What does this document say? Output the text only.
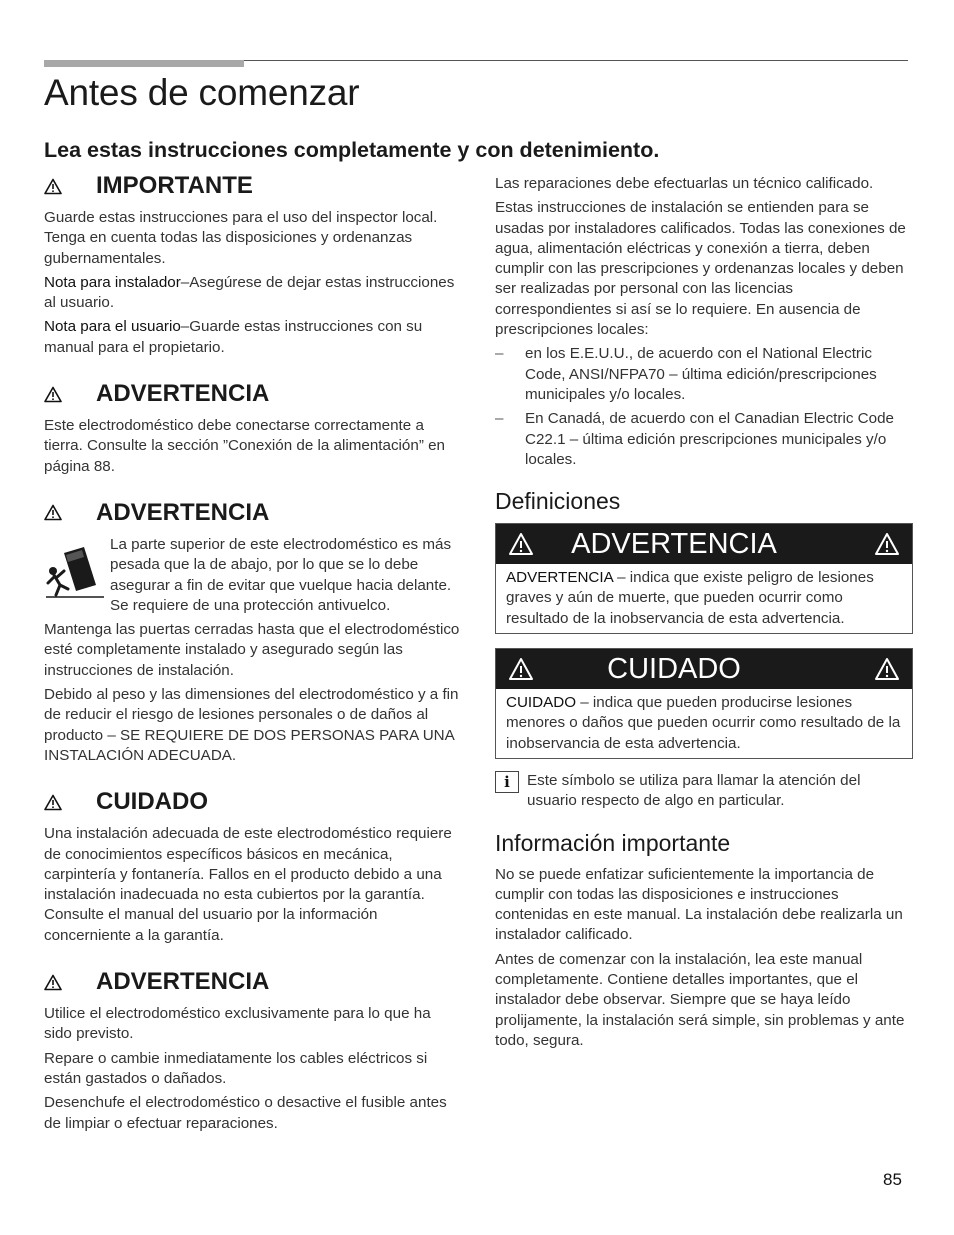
Antes de comenzar
Lea estas instrucciones completamente y con detenimiento.
IMPORTANTE

Guarde estas instrucciones para el uso del inspector local. Tenga en cuenta todas las disposiciones y ordenanzas gubernamentales.

Nota para instalador–Asegúrese de dejar estas instrucciones al usuario.

Nota para el usuario–Guarde estas instrucciones con su manual para el propietario.

ADVERTENCIA

Este electrodoméstico debe conectarse correctamente a tierra. Consulte la sección ”Conexión de la alimentación” en página 88.

ADVERTENCIA

La parte superior de este electrodoméstico es más pesada que la de abajo, por lo que se lo debe asegurar a fin de evitar que vuelque hacia delante. Se requiere de una protección antivuelco.

Mantenga las puertas cerradas hasta que el electrodoméstico esté completamente instalado y asegurado según las instrucciones de instalación.

Debido al peso y las dimensiones del electrodoméstico y a fin de reducir el riesgo de lesiones personales o de daños al producto – SE REQUIERE DE DOS PERSONAS PARA UNA INSTALACIÓN ADECUADA.

CUIDADO

Una instalación adecuada de este electrodoméstico requiere de conocimientos específicos básicos en mecánica, carpintería y fontanería. Fallos en el producto debido a una instalación inadecuada no esta cubiertos por la garantía. Consulte el manual del usuario por la información concerniente a la garantía.

ADVERTENCIA

Utilice el electrodoméstico exclusivamente para lo que ha sido previsto.

Repare o cambie inmediatamente los cables eléctricos si están gastados o dañados.

Desenchufe el electrodoméstico o desactive el fusible antes de limpiar o efectuar reparaciones.

Las reparaciones debe efectuarlas un técnico calificado.

Estas instrucciones de instalación se entienden para se usadas por instaladores calificados. Todas las conexiones de agua, alimentación eléctricas y conexión a tierra, deben cumplir con las prescripciones y ordenanzas locales y deben ser realizadas por personal con las licencias correspondientes si así se lo requiere. En ausencia de prescripciones locales:

– en los E.E.U.U., de acuerdo con el National Electric Code, ANSI/NFPA70 – última edición/prescripciones municipales y/o locales.
– En Canadá, de acuerdo con el Canadian Electric Code C22.1 – última edición prescripciones municipales y/o locales.
Definiciones
ADVERTENCIA

ADVERTENCIA – indica que existe peligro de lesiones graves y aún de muerte, que pueden ocurrir como resultado de la inobservancia de esta advertencia.

CUIDADO

CUIDADO – indica que pueden producirse lesiones menores o daños que pueden ocurrir como resultado de la inobservancia de esta advertencia.

i	Este símbolo se utiliza para llamar la atención del usuario respecto de algo en particular.

Información importante

No se puede enfatizar suficientemente la importancia de cumplir con todas las disposiciones e instrucciones contenidas en este manual. La instalación debe realizarla un instalador calificado.

Antes de comenzar con la instalación, lea este manual completamente. Contiene detalles importantes, que el instalador debe observar. Siempre que se haya leído prolijamente, la instalación será simple, sin problemas y ante todo, segura.

85
